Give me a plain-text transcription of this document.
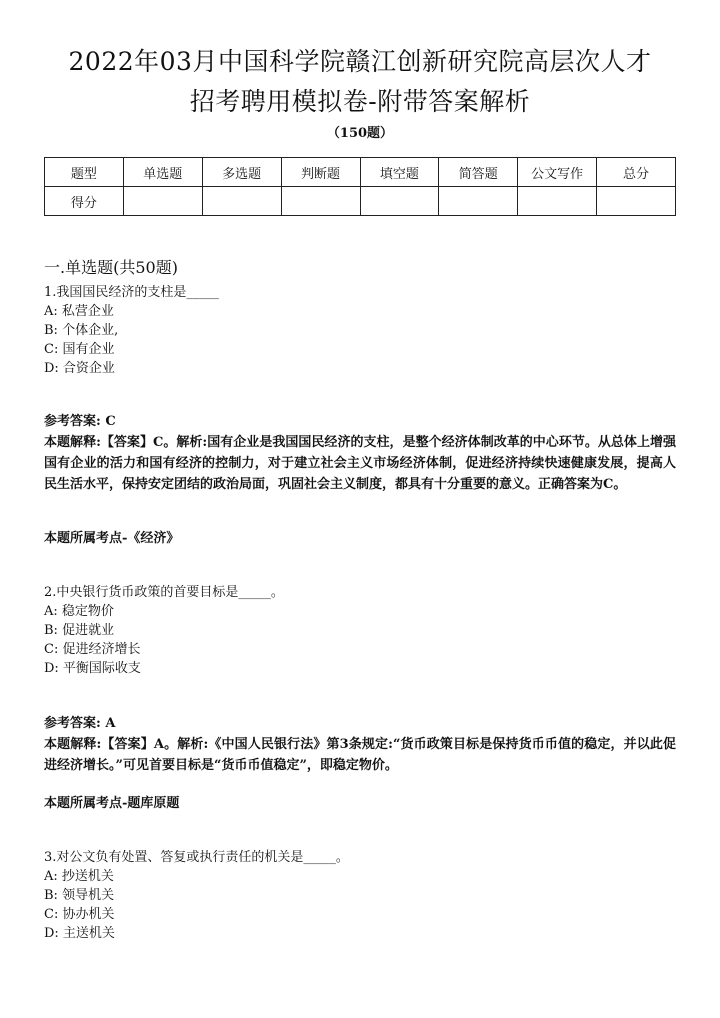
2022年03月中国科学院赣江创新研究院高层次人才
招考聘用模拟卷-附带答案解析
（150题）
题型	单选题	多选题	判断题	填空题	简答题	公文写作	总分
得分							
一.单选题(共50题)
1.我国国民经济的支柱是_____
A: 私营企业
B: 个体企业,
C: 国有企业
D: 合资企业
参考答案: C
本题解释:【答案】C。解析:国有企业是我国国民经济的支柱，是整个经济体制改革的中心环节。从总体上增强国有企业的活力和国有经济的控制力，对于建立社会主义市场经济体制，促进经济持续快速健康发展，提高人民生活水平，保持安定团结的政治局面，巩固社会主义制度，都具有十分重要的意义。正确答案为C。
本题所属考点-《经济》
2.中央银行货币政策的首要目标是_____。
A: 稳定物价
B: 促进就业
C: 促进经济增长
D: 平衡国际收支
参考答案: A
本题解释:【答案】A。解析:《中国人民银行法》第3条规定:“货币政策目标是保持货币币值的稳定，并以此促进经济增长。”可见首要目标是“货币币值稳定”，即稳定物价。
本题所属考点-题库原题
3.对公文负有处置、答复或执行责任的机关是_____。
A: 抄送机关
B: 领导机关
C: 协办机关
D: 主送机关
